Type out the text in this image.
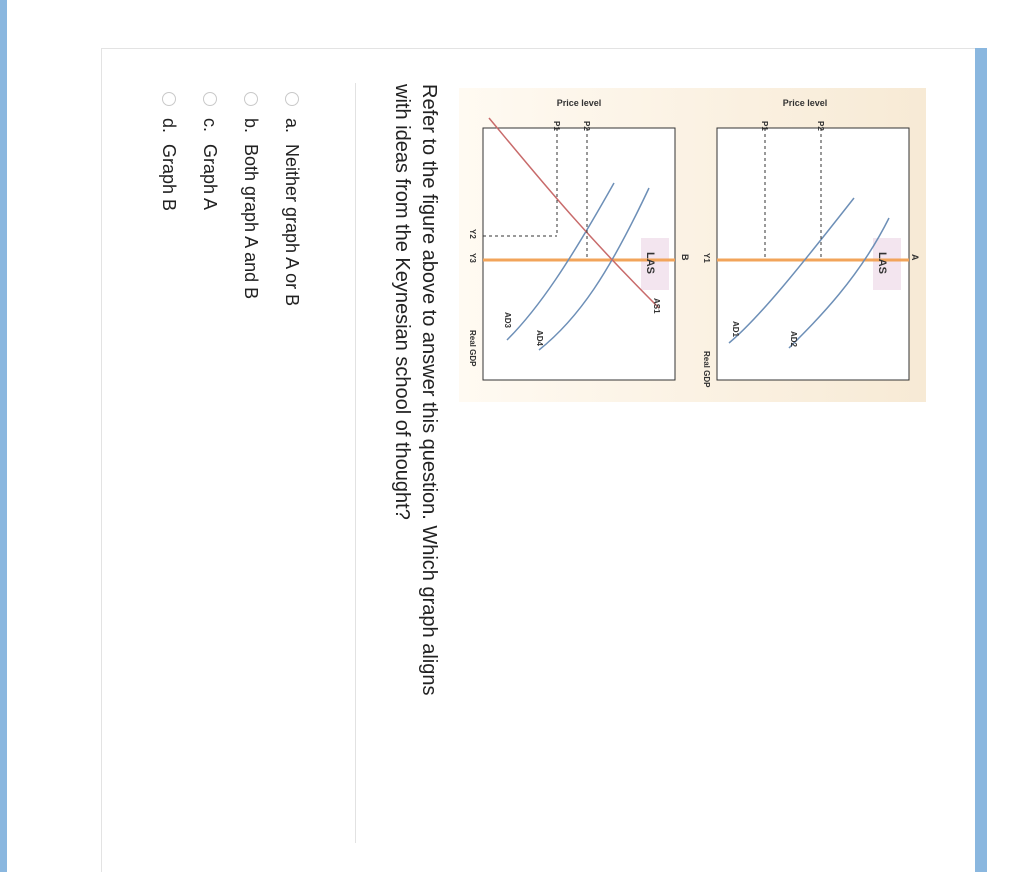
Price level
A
LAS
Y1
Real GDP
P1	P2
AD1
AD2
Price level
B
LAS
Y2
Y3
Real GDP
P1	P2
AS1
AD3
AD4
Refer to the figure above to answer this question. Which graph aligns
with ideas from the Keynesian school of thought?
a.
Neither graph A or B
b.
Both graph A and B
c.
Graph A
d.
Graph B
